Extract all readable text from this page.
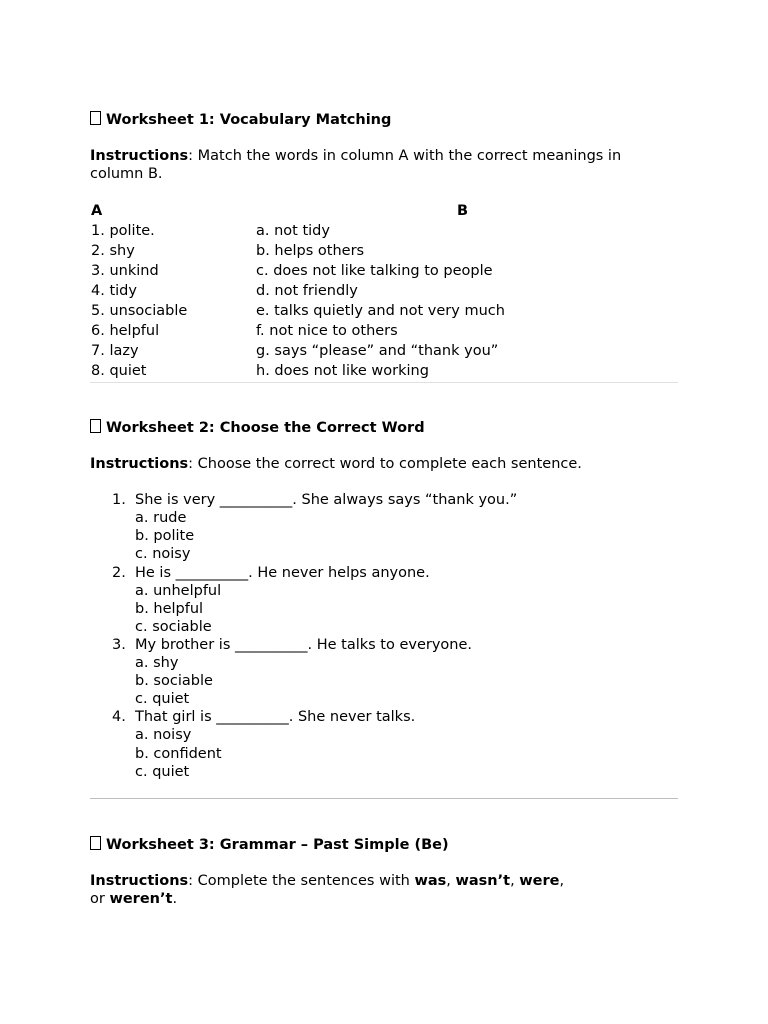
Worksheet 1: Vocabulary Matching
Instructions: Match the words in column A with the correct meanings in
column B.
A	B
1. polite.	a. not tidy
2. shy	b. helps others
3. unkind	c. does not like talking to people
4. tidy	d. not friendly
5. unsociable	e. talks quietly and not very much
6. helpful	f. not nice to others
7. lazy	g. says “please” and “thank you”
8. quiet	h. does not like working
Worksheet 2: Choose the Correct Word
Instructions: Choose the correct word to complete each sentence.
1. She is very __________. She always says “thank you.”
a. rude
b. polite
c. noisy
2. He is __________. He never helps anyone.
a. unhelpful
b. helpful
c. sociable
3. My brother is __________. He talks to everyone.
a. shy
b. sociable
c. quiet
4. That girl is __________. She never talks.
a. noisy
b. confident
c. quiet
Worksheet 3: Grammar – Past Simple (Be)
Instructions: Complete the sentences with was, wasn’t, were,
or weren’t.
